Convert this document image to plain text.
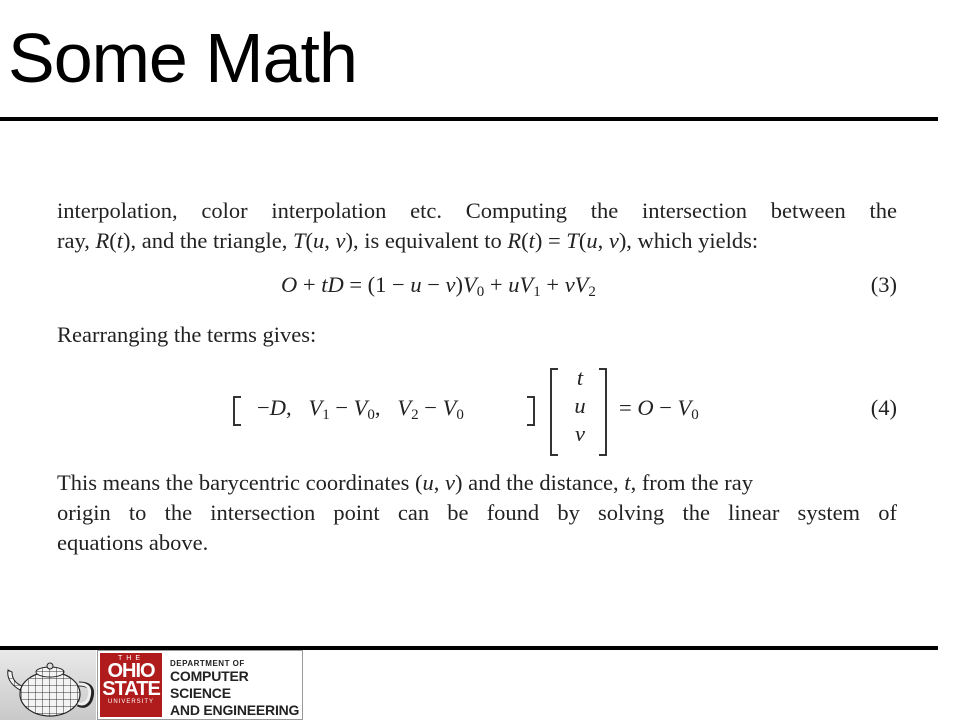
Some Math
interpolation, color interpolation etc. Computing the intersection between the
ray, R(t), and the triangle, T(u, v), is equivalent to R(t) = T(u, v), which yields:
O + tD = $(1 - u - v)V_0 + uV_1 + vV_2$	(3)
Rearranging the terms gives:
−D,   $V_1 - V_0$,   $V_2 - V_0$
t
u
v
= $O - V_0$	(4)
This means the barycentric coordinates (u, v) and the distance, t, from the ray
origin to the intersection point can be found by solving the linear system of
equations above.
THE
OHIO
STATE
UNIVERSITY
DEPARTMENT OF
COMPUTER SCIENCE
AND ENGINEERING
